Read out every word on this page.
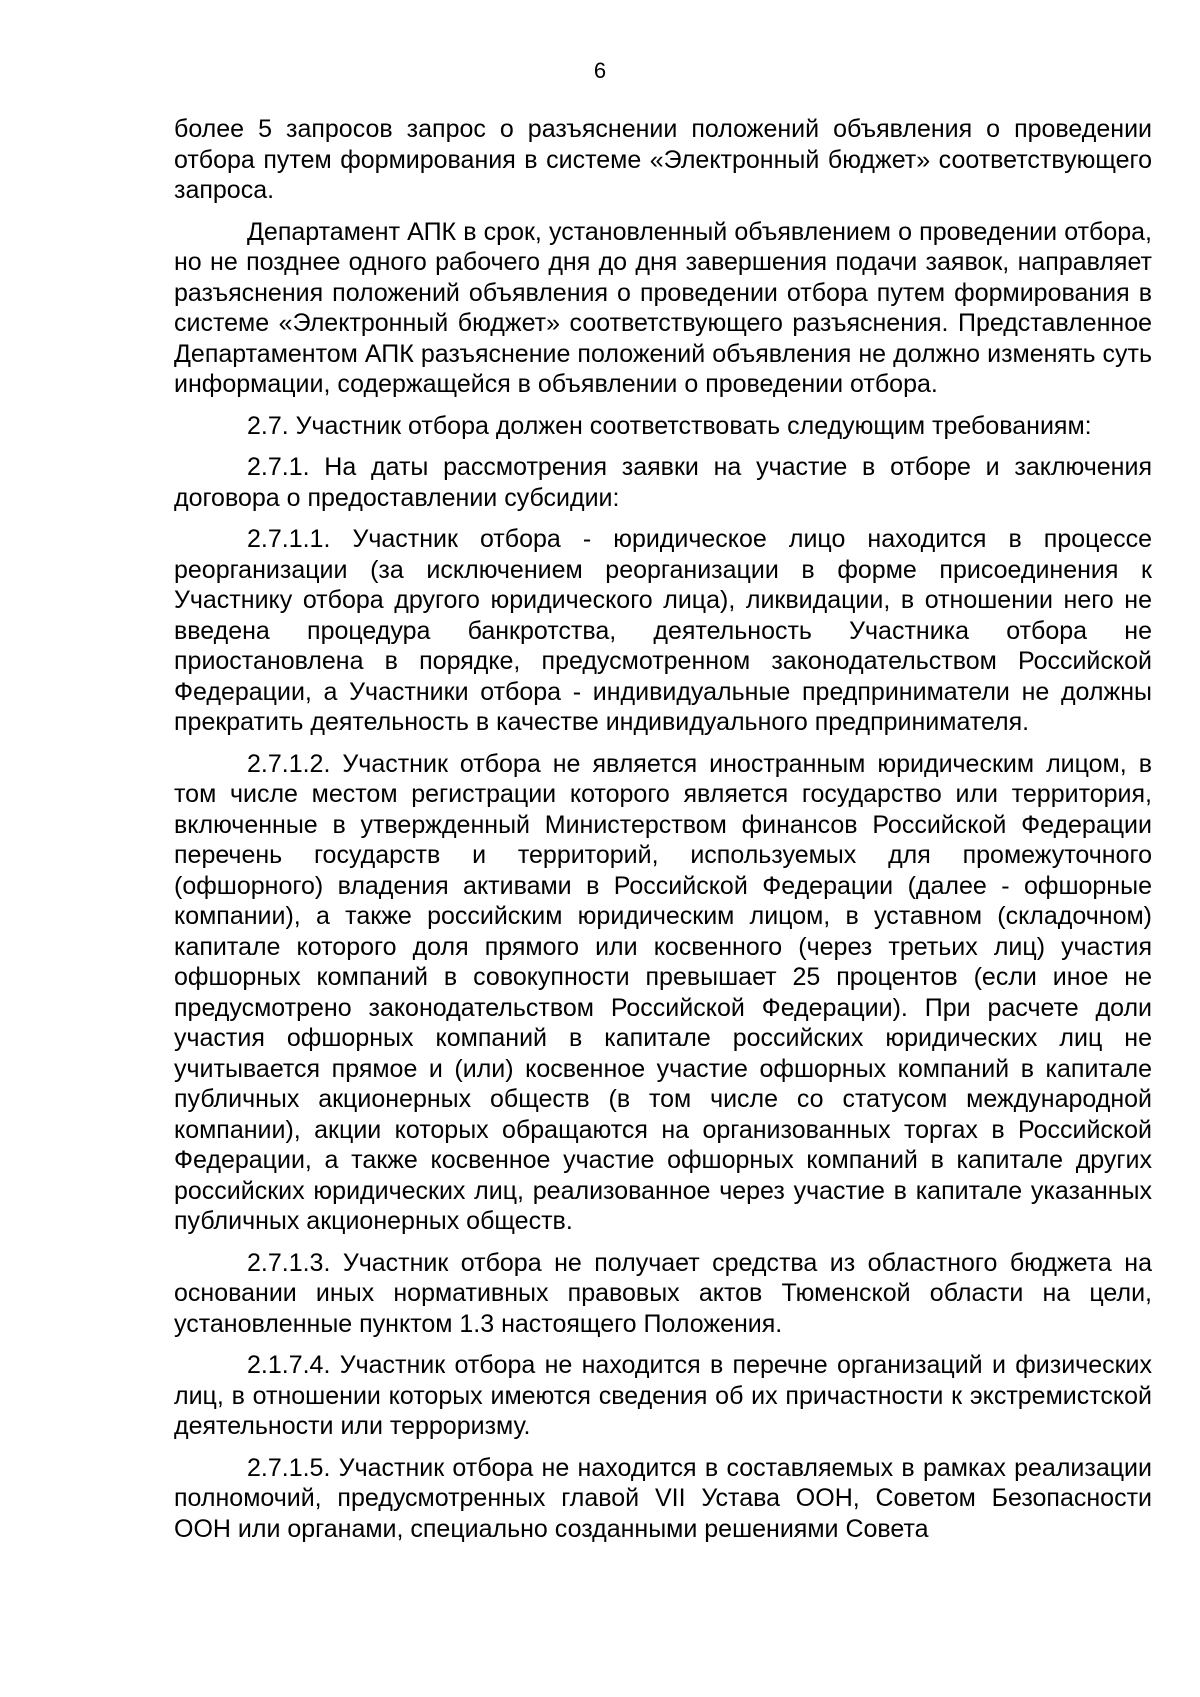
6

более 5 запросов запрос о разъяснении положений объявления о проведении отбора путем формирования в системе «Электронный бюджет» соответствующего запроса.

Департамент АПК в срок, установленный объявлением о проведении отбора, но не позднее одного рабочего дня до дня завершения подачи заявок, направляет разъяснения положений объявления о проведении отбора путем формирования в системе «Электронный бюджет» соответствующего разъяснения. Представленное Департаментом АПК разъяснение положений объявления не должно изменять суть информации, содержащейся в объявлении о проведении отбора.

2.7. Участник отбора должен соответствовать следующим требованиям:

2.7.1. На даты рассмотрения заявки на участие в отборе и заключения договора о предоставлении субсидии:

2.7.1.1. Участник отбора - юридическое лицо находится в процессе реорганизации (за исключением реорганизации в форме присоединения к Участнику отбора другого юридического лица), ликвидации, в отношении него не введена процедура банкротства, деятельность Участника отбора не приостановлена в порядке, предусмотренном законодательством Российской Федерации, а Участники отбора - индивидуальные предприниматели не должны прекратить деятельность в качестве индивидуального предпринимателя.

2.7.1.2. Участник отбора не является иностранным юридическим лицом, в том числе местом регистрации которого является государство или территория, включенные в утвержденный Министерством финансов Российской Федерации перечень государств и территорий, используемых для промежуточного (офшорного) владения активами в Российской Федерации (далее - офшорные компании), а также российским юридическим лицом, в уставном (складочном) капитале которого доля прямого или косвенного (через третьих лиц) участия офшорных компаний в совокупности превышает 25 процентов (если иное не предусмотрено законодательством Российской Федерации). При расчете доли участия офшорных компаний в капитале российских юридических лиц не учитывается прямое и (или) косвенное участие офшорных компаний в капитале публичных акционерных обществ (в том числе со статусом международной компании), акции которых обращаются на организованных торгах в Российской Федерации, а также косвенное участие офшорных компаний в капитале других российских юридических лиц, реализованное через участие в капитале указанных публичных акционерных обществ.

2.7.1.3. Участник отбора не получает средства из областного бюджета на основании иных нормативных правовых актов Тюменской области на цели, установленные пунктом 1.3 настоящего Положения.

2.1.7.4. Участник отбора не находится в перечне организаций и физических лиц, в отношении которых имеются сведения об их причастности к экстремистской деятельности или терроризму.

2.7.1.5. Участник отбора не находится в составляемых в рамках реализации полномочий, предусмотренных главой VII Устава ООН, Советом Безопасности ООН или органами, специально созданными решениями Совета
